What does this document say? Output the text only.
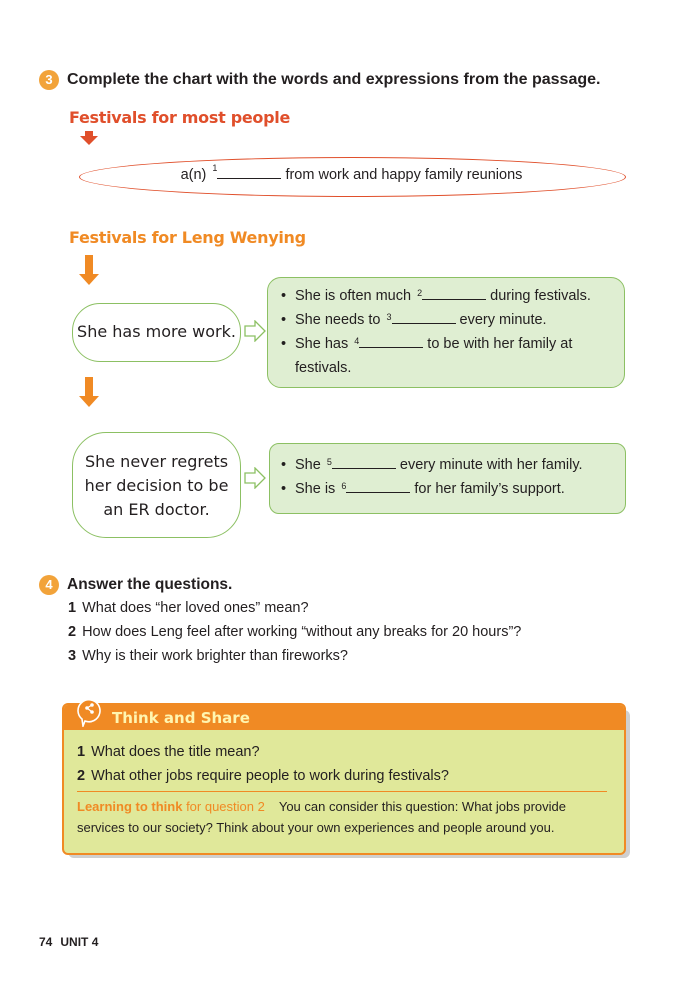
3 Complete the chart with the words and expressions from the passage.
Festivals for most people
a(n) $^1$	from work and happy family reunions
Festivals for Leng Wenying
She has more work.
• She is often much $^2$	during festivals.
• She needs to $^3$	every minute.
• She has $^4$	to be with her family at festivals.
She never regrets her decision to be an ER doctor.
• She $^5$	every minute with her family.
• She is $^6$	for her family’s support.
4 Answer the questions.
1 What does “her loved ones” mean?
2 How does Leng feel after working “without any breaks for 20 hours”?
3 Why is their work brighter than fireworks?
Think and Share
1 What does the title mean?
2 What other jobs require people to work during festivals?
Learning to think for question 2 You can consider this question: What jobs provide services to our society? Think about your own experiences and people around you.
74 UNIT 4
